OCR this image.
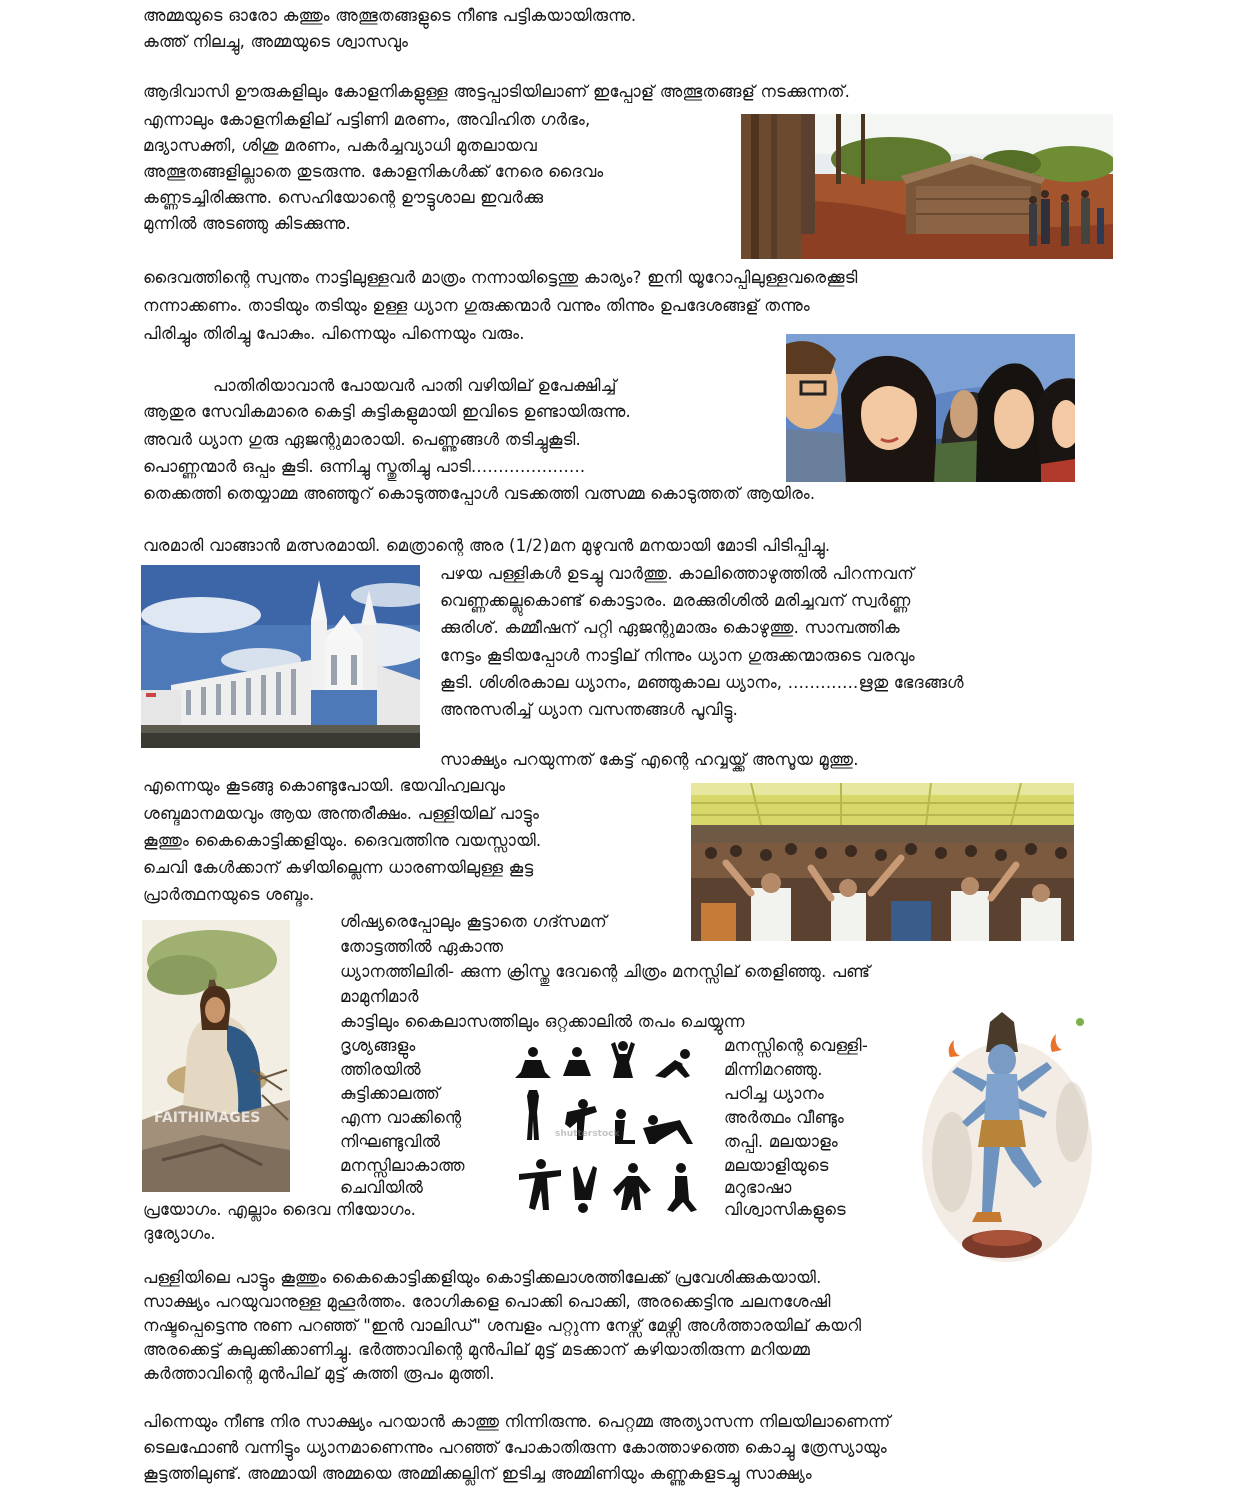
അമ്മയുടെ ഓരോ കത്തും അത്ഭുതങ്ങളുടെ നീണ്ട പട്ടികയായിരുന്നു.
കത്ത് നിലച്ചു, അമ്മയുടെ ശ്വാസവും
ആദിവാസി ഊരുകളിലും കോളനികളുള്ള അട്ടപ്പാടിയിലാണ് ഇപ്പോള് അത്ഭുതങ്ങള് നടക്കുന്നത്.
എന്നാലും കോളനികളില് പട്ടിണി മരണം, അവിഹിത ഗർഭം,
മദ്യാസക്തി, ശിശു മരണം, പകർച്ചവ്യാധി മുതലായവ
അത്ഭുതങ്ങളില്ലാതെ തുടരുന്നു. കോളനികൾക്ക് നേരെ ദൈവം
കണ്ണടച്ചിരിക്കുന്നു. സെഹിയോന്റെ ഊട്ടുശാല ഇവർക്കു
മുന്നിൽ അടഞ്ഞു കിടക്കുന്നു.
ദൈവത്തിന്റെ സ്വന്തം നാട്ടിലുള്ളവർ മാത്രം നന്നായിട്ടെന്തു കാര്യം? ഇനി യൂറോപ്പിലുള്ളവരെക്കൂടി
നന്നാക്കണം. താടിയും തടിയും ഉള്ള ധ്യാന ഗുരുക്കന്മാർ വന്നും തിന്നും ഉപദേശങ്ങള് തന്നും
പിരിച്ചും തിരിച്ചു പോകും. പിന്നെയും പിന്നെയും വരും.
പാതിരിയാവാൻ പോയവർ പാതി വഴിയില് ഉപേക്ഷിച്ച്
ആതുര സേവികമാരെ കെട്ടി കുട്ടികളുമായി ഇവിടെ ഉണ്ടായിരുന്നു.
അവർ ധ്യാന ഗുരു ഏജന്റുമാരായി. പെണ്ണുങ്ങൾ തടിച്ചുകൂടി.
പൊണ്ണന്മാർ ഒപ്പം കൂടി. ഒന്നിച്ചു സ്തുതിച്ചു പാടി.....................
തെക്കത്തി തെയ്യാമ്മ അഞ്ഞൂറ് കൊടുത്തപ്പോൾ വടക്കത്തി വത്സമ്മ കൊടുത്തത് ആയിരം.
വരമാരി വാങ്ങാൻ മത്സരമായി. മെത്രാന്റെ അര (1/2)മന മുഴുവൻ മനയായി മോടി പിടിപ്പിച്ചു.
പഴയ പള്ളികൾ ഉടച്ചു വാർത്തു. കാലിത്തൊഴുത്തിൽ പിറന്നവന്
വെണ്ണക്കല്ലുകൊണ്ട് കൊട്ടാരം. മരക്കുരിശിൽ മരിച്ചവന് സ്വർണ്ണ
ക്കുരിശ്. കമ്മീഷന് പറ്റി ഏജന്റുമാരും കൊഴുത്തു. സാമ്പത്തിക
നേട്ടം കൂടിയപ്പോൾ നാട്ടില് നിന്നും ധ്യാന ഗുരുക്കന്മാരുടെ വരവും
കൂടി. ശിശിരകാല ധ്യാനം, മഞ്ഞുകാല ധ്യാനം, .............ഋതു ഭേദങ്ങൾ
അനുസരിച്ച് ധ്യാന വസന്തങ്ങൾ പൂവിട്ടു.
സാക്ഷ്യം പറയുന്നത് കേട്ട് എന്റെ ഹവ്വയ്ക്ക് അസൂയ മൂത്തു.
എന്നെയും കൂടങ്ങു കൊണ്ടുപോയി. ഭയവിഹ്വലവും
ശബ്ദമാനമയവും ആയ അന്തരീക്ഷം. പള്ളിയില് പാട്ടും
കൂത്തും കൈകൊട്ടിക്കളിയും. ദൈവത്തിനു വയസ്സായി.
ചെവി കേൾക്കാന് കഴിയില്ലെന്ന ധാരണയിലുള്ള കൂട്ട
പ്രാർത്ഥനയുടെ ശബ്ദം.
ശിഷ്യരെപ്പോലും കൂട്ടാതെ ഗദ്സമന്
തോട്ടത്തിൽ ഏകാന്ത
ധ്യാനത്തിലിരി- ക്കുന്ന ക്രിസ്തു ദേവന്റെ ചിത്രം മനസ്സില് തെളിഞ്ഞു. പണ്ട്
മാമുനിമാർ
കാട്ടിലും കൈലാസത്തിലും ഒറ്റക്കാലിൽ തപം ചെയ്യുന്ന
ദൃശ്യങ്ങളും
ത്തിരയിൽ
കുട്ടിക്കാലത്ത്
എന്ന വാക്കിന്റെ
നിഘണ്ടുവിൽ
മനസ്സിലാകാത്ത
ചെവിയിൽ
പ്രയോഗം. എല്ലാം ദൈവ നിയോഗം.
ദുര്യോഗം.
മനസ്സിന്റെ വെള്ളി-
മിന്നിമറഞ്ഞു.
പഠിച്ച ധ്യാനം
അർത്ഥം വീണ്ടും
തപ്പി. മലയാളം
മലയാളിയുടെ
മറുഭാഷാ
വിശ്വാസികളുടെ
പള്ളിയിലെ പാട്ടും കൂത്തും കൈകൊട്ടിക്കളിയും കൊട്ടിക്കലാശത്തിലേക്ക് പ്രവേശിക്കുകയായി.
സാക്ഷ്യം പറയുവാനുള്ള മുഹൂർത്തം. രോഗികളെ പൊക്കി പൊക്കി, അരക്കെട്ടിനു ചലനശേഷി
നഷ്ടപ്പെട്ടെന്നു നുണ പറഞ്ഞ് "ഇൻ വാലിഡ്" ശമ്പളം പറ്റുന്ന നേഴ്സ് മേഴ്സി അൾത്താരയില് കയറി
അരക്കെട്ട് കുലുക്കിക്കാണിച്ചു. ഭർത്താവിന്റെ മുൻപില് മുട്ട് മടക്കാന് കഴിയാതിരുന്ന മറിയമ്മ
കർത്താവിന്റെ മുൻപില് മുട്ട് കുത്തി രൂപം മുത്തി.
പിന്നെയും നീണ്ട നിര സാക്ഷ്യം പറയാൻ കാത്തു നിന്നിരുന്നു. പെറ്റമ്മ അത്യാസന്ന നിലയിലാണെന്ന്
ടെലഫോൺ വന്നിട്ടും ധ്യാനമാണെന്നും പറഞ്ഞ് പോകാതിരുന്ന കോത്താഴത്തെ കൊച്ചു ത്രേസ്യായും
കൂട്ടത്തിലുണ്ട്. അമ്മായി അമ്മയെ അമ്മിക്കല്ലിന് ഇടിച്ച അമ്മിണിയും കണ്ണുകളടച്ചു സാക്ഷ്യം
FAITHIMAGES
shutterstock
